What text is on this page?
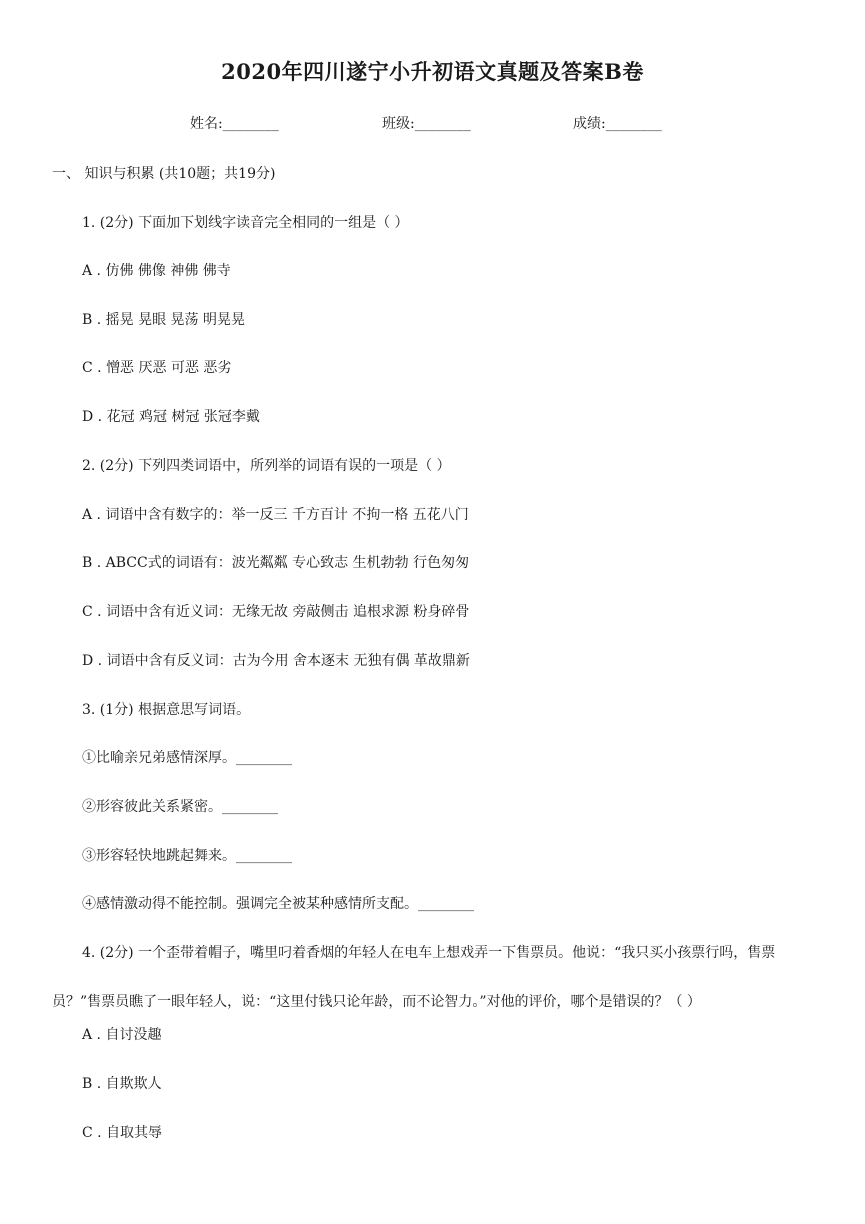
2020年四川遂宁小升初语文真题及答案B卷
姓名:________	班级:________	成绩:________
一、 知识与积累 (共10题；共19分)
1. (2分) 下面加下划线字读音完全相同的一组是（ ）
A . 仿佛 佛像 神佛 佛寺
B . 摇晃 晃眼 晃荡 明晃晃
C . 憎恶 厌恶 可恶 恶劣
D . 花冠 鸡冠 树冠 张冠李戴
2. (2分) 下列四类词语中，所列举的词语有误的一项是（ ）
A . 词语中含有数字的：举一反三 千方百计 不拘一格 五花八门
B . ABCC式的词语有：波光粼粼 专心致志 生机勃勃 行色匆匆
C . 词语中含有近义词：无缘无故 旁敲侧击 追根求源 粉身碎骨
D . 词语中含有反义词：古为今用 舍本逐末 无独有偶 革故鼎新
3. (1分) 根据意思写词语。
①比喻亲兄弟感情深厚。________
②形容彼此关系紧密。________
③形容轻快地跳起舞来。________
④感情激动得不能控制。强调完全被某种感情所支配。________
4. (2分) 一个歪带着帽子，嘴里叼着香烟的年轻人在电车上想戏弄一下售票员。他说：“我只买小孩票行吗，售票员？”售票员瞧了一眼年轻人，说：“这里付钱只论年龄，而不论智力。”对他的评价，哪个是错误的？（ ）
A . 自讨没趣
B . 自欺欺人
C . 自取其辱
